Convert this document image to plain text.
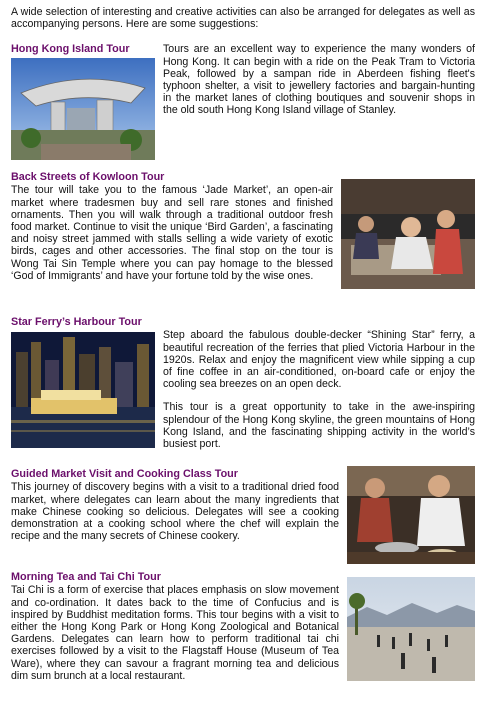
A wide selection of interesting and creative activities can also be arranged for delegates as well as accompanying persons. Here are some suggestions:

Hong Kong Island Tour	Tours are an excellent way to experience the many wonders of Hong Kong. It can begin with a ride on the Peak Tram to Victoria Peak, followed by a sampan ride in Aberdeen fishing fleet's typhoon shelter, a visit to jewellery factories and bargain-hunting in the market lanes of clothing boutiques and souvenir shops in the old south Hong Kong Island village of Stanley.

Back Streets of Kowloon Tour

The tour will take you to the famous ‘Jade Market’, an open-air market where tradesmen buy and sell rare stones and finished ornaments. Then you will walk through a traditional outdoor fresh food market. Continue to visit the unique ‘Bird Garden’, a fascinating and noisy street jammed with stalls selling a wide variety of exotic birds, cages and other accessories. The final stop on the tour is Wong Tai Sin Temple where you can pay homage to the blessed ‘God of Immigrants’ and have your fortune told by the wise ones.

Star Ferry’s Harbour Tour

Step aboard the fabulous double-decker “Shining Star” ferry, a beautiful recreation of the ferries that plied Victoria Harbour in the 1920s. Relax and enjoy the magnificent view while sipping a cup of fine coffee in an air-conditioned, on-board cafe or enjoy the cooling sea breezes on an open deck.

This tour is a great opportunity to take in the awe-inspiring splendour of the Hong Kong skyline, the green mountains of Hong Kong Island, and the fascinating shipping activity in the world’s busiest port.

Guided Market Visit and Cooking Class Tour

This journey of discovery begins with a visit to a traditional dried food market, where delegates can learn about the many ingredients that make Chinese cooking so delicious. Delegates will see a cooking demonstration at a cooking school where the chef will explain the recipe and the many secrets of Chinese cookery.

Morning Tea and Tai Chi Tour

Tai Chi is a form of exercise that places emphasis on slow movement and co-ordination. It dates back to the time of Confucius and is inspired by Buddhist meditation forms. This tour begins with a visit to either the Hong Kong Park or Hong Kong Zoological and Botanical Gardens. Delegates can learn how to perform traditional tai chi exercises followed by a visit to the Flagstaff House (Museum of Tea Ware), where they can savour a fragrant morning tea and delicious dim sum brunch at a local restaurant.
